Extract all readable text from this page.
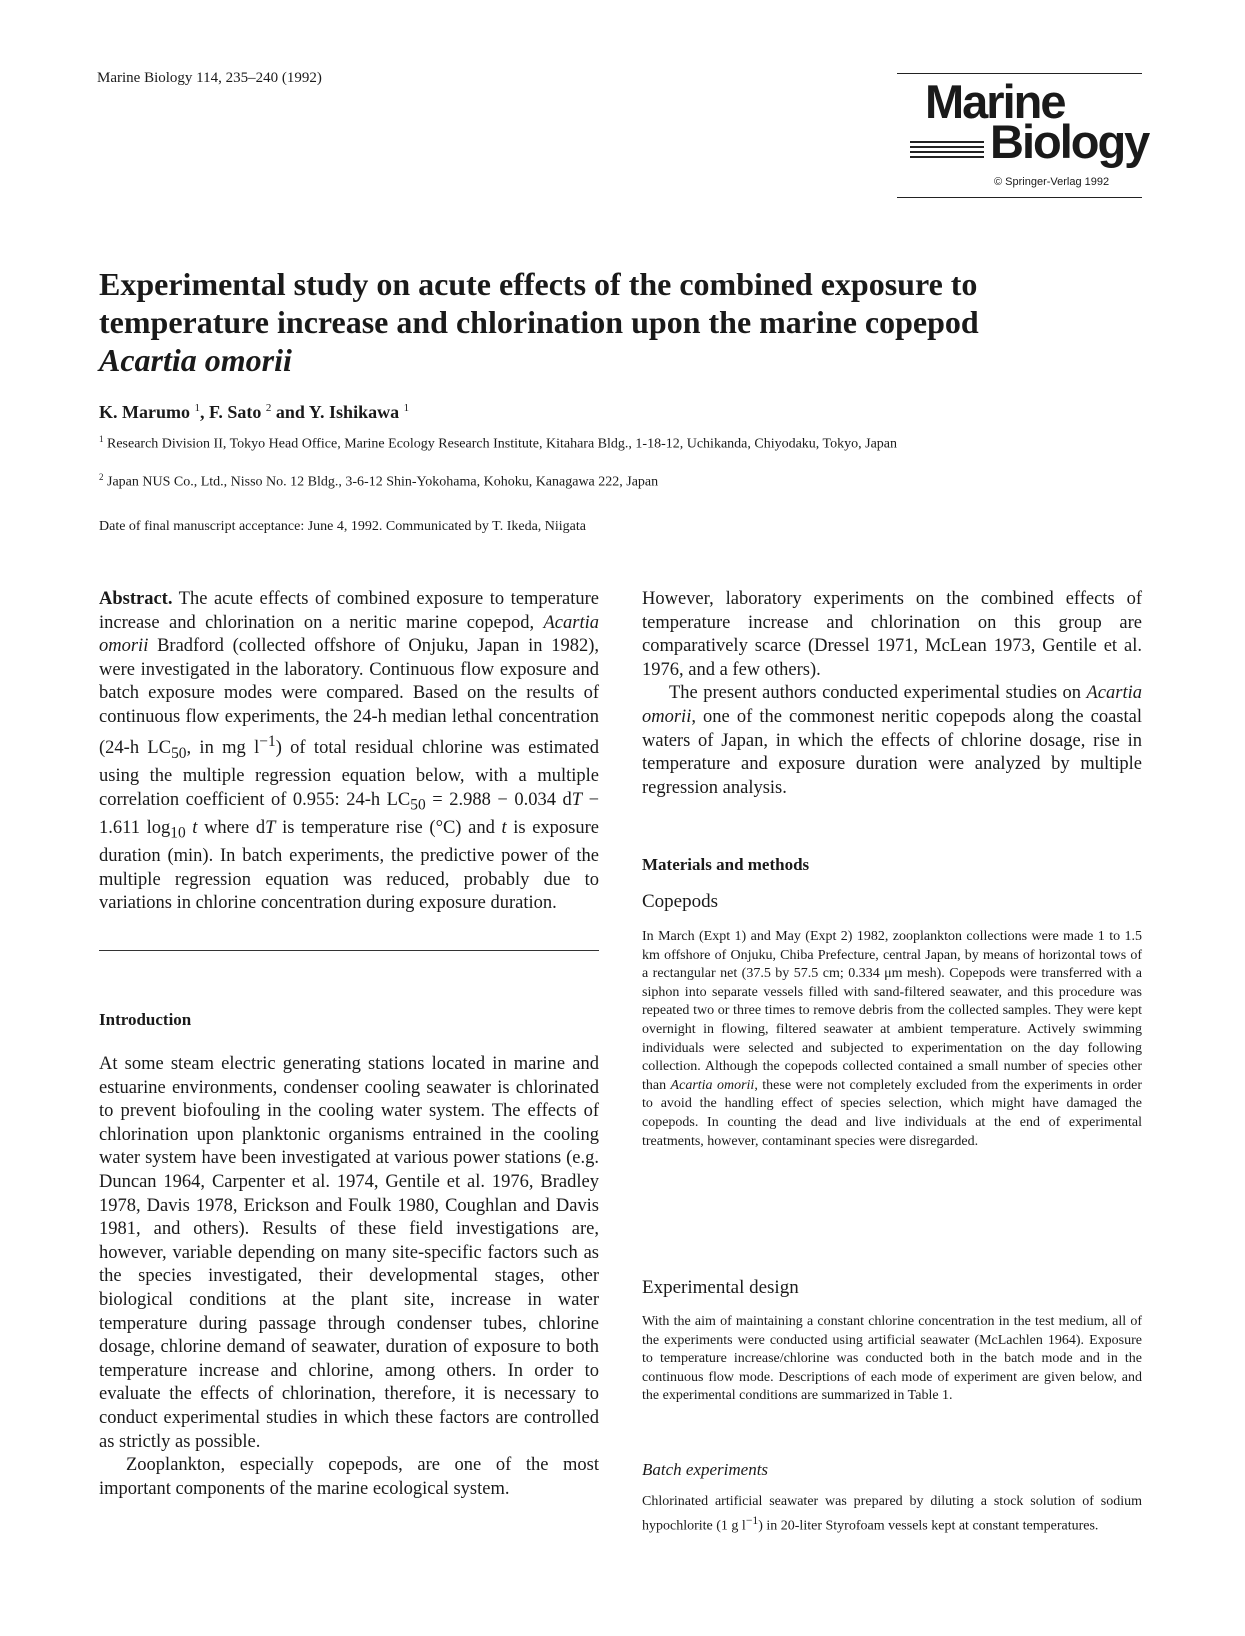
Marine Biology 114, 235–240 (1992)	Marine
Biology
© Springer-Verlag 1992
Experimental study on acute effects of the combined exposure to temperature increase and chlorination upon the marine copepod Acartia omorii
K. Marumo $^1$, F. Sato $^2$ and Y. Ishikawa $^1$
$^1$ Research Division II, Tokyo Head Office, Marine Ecology Research Institute, Kitahara Bldg., 1-18-12, Uchikanda, Chiyodaku, Tokyo, Japan
$^2$ Japan NUS Co., Ltd., Nisso No. 12 Bldg., 3-6-12 Shin-Yokohama, Kohoku, Kanagawa 222, Japan
Date of final manuscript acceptance: June 4, 1992. Communicated by T. Ikeda, Niigata

Abstract. The acute effects of combined exposure to temperature increase and chlorination on a neritic marine copepod, Acartia omorii Bradford (collected offshore of Onjuku, Japan in 1982), were investigated in the laboratory. Continuous flow exposure and batch exposure modes were compared. Based on the results of continuous flow experiments, the 24-h median lethal concentration (24-h $LC_{50}$, in mg $l^{-1}$) of total residual chlorine was estimated using the multiple regression equation below, with a multiple correlation coefficient of 0.955: 24-h $LC_{50} = 2.988 - 0.034$ dT − 1.611 $\log_{10} t$ where dT is temperature rise (°C) and t is exposure duration (min). In batch experiments, the predictive power of the multiple regression equation was reduced, probably due to variations in chlorine concentration during exposure duration.

Introduction

At some steam electric generating stations located in marine and estuarine environments, condenser cooling seawater is chlorinated to prevent biofouling in the cooling water system. The effects of chlorination upon planktonic organisms entrained in the cooling water system have been investigated at various power stations (e.g. Duncan 1964, Carpenter et al. 1974, Gentile et al. 1976, Bradley 1978, Davis 1978, Erickson and Foulk 1980, Coughlan and Davis 1981, and others). Results of these field investigations are, however, variable depending on many site-specific factors such as the species investigated, their developmental stages, other biological conditions at the plant site, increase in water temperature during passage through condenser tubes, chlorine dosage, chlorine demand of seawater, duration of exposure to both temperature increase and chlorine, among others. In order to evaluate the effects of chlorination, therefore, it is necessary to conduct experimental studies in which these factors are controlled as strictly as possible.

Zooplankton, especially copepods, are one of the most important components of the marine ecological system.

However, laboratory experiments on the combined effects of temperature increase and chlorination on this group are comparatively scarce (Dressel 1971, McLean 1973, Gentile et al. 1976, and a few others).

The present authors conducted experimental studies on Acartia omorii, one of the commonest neritic copepods along the coastal waters of Japan, in which the effects of chlorine dosage, rise in temperature and exposure duration were analyzed by multiple regression analysis.

Materials and methods
Copepods

In March (Expt 1) and May (Expt 2) 1982, zooplankton collections were made 1 to 1.5 km offshore of Onjuku, Chiba Prefecture, central Japan, by means of horizontal tows of a rectangular net (37.5 by 57.5 cm; 0.334 μm mesh). Copepods were transferred with a siphon into separate vessels filled with sand-filtered seawater, and this procedure was repeated two or three times to remove debris from the collected samples. They were kept overnight in flowing, filtered seawater at ambient temperature. Actively swimming individuals were selected and subjected to experimentation on the day following collection. Although the copepods collected contained a small number of species other than Acartia omorii, these were not completely excluded from the experiments in order to avoid the handling effect of species selection, which might have damaged the copepods. In counting the dead and live individuals at the end of experimental treatments, however, contaminant species were disregarded.

Experimental design

With the aim of maintaining a constant chlorine concentration in the test medium, all of the experiments were conducted using artificial seawater (McLachlen 1964). Exposure to temperature increase/chlorine was conducted both in the batch mode and in the continuous flow mode. Descriptions of each mode of experiment are given below, and the experimental conditions are summarized in Table 1.

Batch experiments

Chlorinated artificial seawater was prepared by diluting a stock solution of sodium hypochlorite (1 g $l^{-1}$) in 20-liter Styrofoam vessels kept at constant temperatures.
